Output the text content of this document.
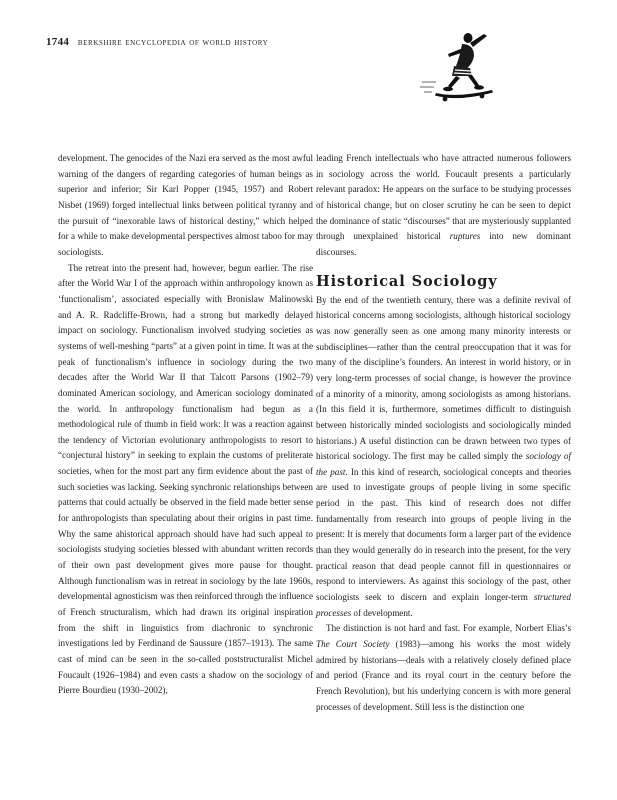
1744 berkshire encyclopedia of world history

development. The genocides of the Nazi era served as the most awful warning of the dangers of regarding categories of human beings as superior and inferior; Sir Karl Popper (1945, 1957) and Robert Nisbet (1969) forged intellectual links between political tyranny and the pursuit of “inexorable laws of historical destiny,” which helped for a while to make developmental perspectives almost taboo for may sociologists.

The retreat into the present had, however, begun earlier. The rise after the World War I of the approach within anthropology known as ‘functionalism’, associated especially with Bronislaw Malinowski and A. R. Radcliffe-Brown, had a strong but markedly delayed impact on sociology. Functionalism involved studying societies as systems of well-meshing “parts” at a given point in time. It was at the peak of functionalism’s influence in sociology during the two decades after the World War II that Talcott Parsons (1902–79) dominated American sociology, and American sociology dominated the world. In anthropology functionalism had begun as a methodological rule of thumb in field work: It was a reaction against the tendency of Victorian evolutionary anthropologists to resort to “conjectural history” in seeking to explain the customs of preliterate societies, when for the most part any firm evidence about the past of such societies was lacking. Seeking synchronic relationships between patterns that could actually be observed in the field made better sense for anthropologists than speculating about their origins in past time. Why the same ahistorical approach should have had such appeal to sociologists studying societies blessed with abundant written records of their own past development gives more pause for thought. Although functionalism was in retreat in sociology by the late 1960s, developmental agnosticism was then reinforced through the influence of French structuralism, which had drawn its original inspiration from the shift in linguistics from diachronic to synchronic investigations led by Ferdinand de Saussure (1857–1913). The same cast of mind can be seen in the so-called poststructuralist Michel Foucault (1926–1984) and even casts a shadow on the sociology of Pierre Bourdieu (1930–2002),

leading French intellectuals who have attracted numerous followers in sociology across the world. Foucault presents a particularly relevant paradox: He appears on the surface to be studying processes of historical change, but on closer scrutiny he can be seen to depict the dominance of static “discourses” that are mysteriously supplanted through unexplained historical ruptures into new dominant discourses.

Historical Sociology

By the end of the twentieth century, there was a definite revival of historical concerns among sociologists, although historical sociology was now generally seen as one among many minority interests or subdisciplines—rather than the central preoccupation that it was for many of the discipline’s founders. An interest in world history, or in very long-term processes of social change, is however the province of a minority of a minority, among sociologists as among historians. (In this field it is, furthermore, sometimes difficult to distinguish between historically minded sociologists and sociologically minded historians.) A useful distinction can be drawn between two types of historical sociology. The first may be called simply the sociology of the past. In this kind of research, sociological concepts and theories are used to investigate groups of people living in some specific period in the past. This kind of research does not differ fundamentally from research into groups of people living in the present: It is merely that documents form a larger part of the evidence than they would generally do in research into the present, for the very practical reason that dead people cannot fill in questionnaires or respond to interviewers. As against this sociology of the past, other sociologists seek to discern and explain longer-term structured processes of development.

The distinction is not hard and fast. For example, Norbert Elias’s The Court Society (1983)—among his works the most widely admired by historians—deals with a relatively closely defined place and period (France and its royal court in the century before the French Revolution), but his underlying concern is with more general processes of development. Still less is the distinction one
